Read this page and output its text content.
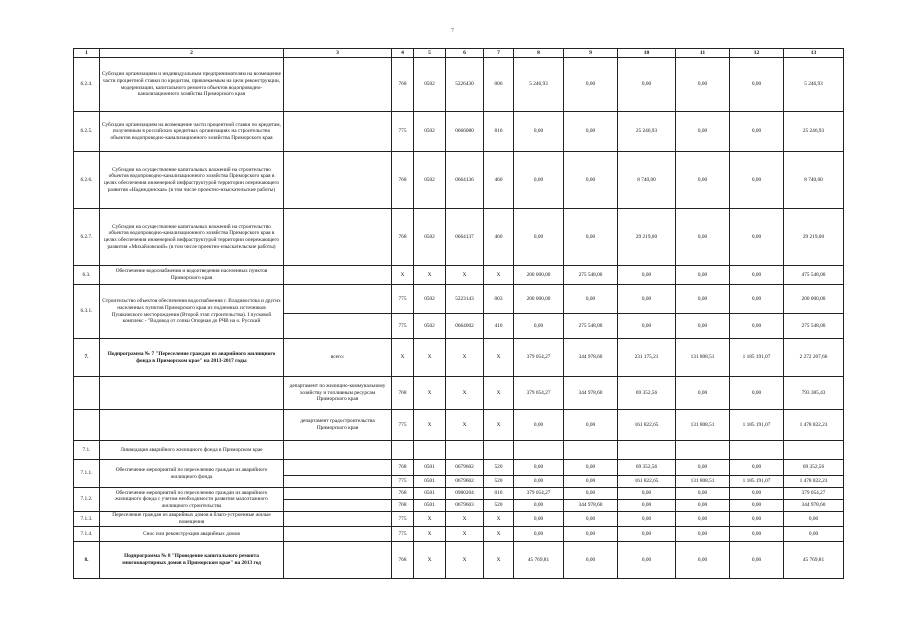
7
1	2	3	4	5	6	7	8	9	10	11	12	13
6.2.4.	Субсидии организациям и индивидуальным предпринимателям на возмещение части процентной ставки по кредитам, привлекаемым на цели реконструкции, модернизации, капитального ремонта объектов водопроводно-канализационного хозяйства Приморского края		768	0502	5226430	006	5 246,93	0,00	0,00	0,00	0,00	5 246,93
6.2.5.	Субсидии организациям на возмещение части процентной ставки по кредитам, полученным в российских кредитных организациях на строительство объектов водопроводно-канализационного хозяйства Приморского края		775	0502	0666080	810	0,00	0,00	25 246,93	0,00	0,00	25 246,93
6.2.6.	Субсидии на осуществление капитальных вложений на строительство объектов водопроводно-канализационного хозяйства Приморского края в целях обеспечения инженерной инфраструктурой территории опережающего развития «Надеждинская» (в том числе проектно-изыскательские работы)		768	0502	0664136	460	0,00	0,00	8 740,00	0,00	0,00	8 740,00
6.2.7.	Субсидии на осуществление капитальных вложений на строительство объектов водопроводно-канализационного хозяйства Приморского края в целях обеспечения инженерной инфраструктурой территории опережающего развития «Михайловский» (в том числе проектно-изыскательские работы)		768	0502	0664137	460	0,00	0,00	29 219,00	0,00	0,00	29 219,00
6.3.	Обеспечение водоснабжения и водоотведения населенных пунктов Приморского края		X	X	X	X	200 000,00	275 548,00	0,00	0,00	0,00	475 548,00
6.3.1.	Строительство объектов обеспечения водоснабжения г. Владивостока и других населенных пунктов Приморского края из подземных источников Пушкинского месторождения (Второй этап строительства). I пусковой комплекс - "Водовод от сопки Опорная до РЧВ на о. Русский		775	0502	5223143	003	200 000,00	0,00	0,00	0,00	0,00	200 000,00
			775	0502	0664002	410	0,00	275 548,00	0,00	0,00	0,00	275 548,00
7.	Подпрограмма № 7 "Переселение граждан из аварийного жилищного фонда в Приморском крае" на 2013-2017 годы	всего:	X	X	X	X	379 054,27	344 978,60	231 175,21	131 808,51	1 185 191,07	2 272 207,66
		департамент по жилищно-коммунальному хозяйству и топливным ресурсам Приморского края	768	X	X	X	379 054,27	344 978,60	69 352,56	0,00	0,00	793 385,43
		департамент градостроительства Приморского края	775	X	X	X	0,00	0,00	161 822,65	131 808,51	1 185 191,07	1 478 822,23
7.1.	Ликвидация аварийного жилищного фонда в Приморском крае											
7.1.1.	Обеспечение мероприятий по переселению граждан из аварийного жилищного фонда		768	0501	0679602	520	0,00	0,00	69 352,56	0,00	0,00	69 352,56
			775	0501	0679602	520	0,00	0,00	161 822,65	131 808,51	1 185 191,07	1 478 822,23
7.1.2.	Обеспечение мероприятий по переселению граждан из аварийного жилищного фонда с учетом необходимости развития малоэтажного жилищного строительства		768	0501	0980204	010	379 054,27	0,00	0,00	0,00	0,00	379 054,27
			768	0501	0679603	520	0,00	344 978,60	0,00	0,00	0,00	344 978,60
7.1.3.	Переселение граждан из аварийных домов в благо-устроенные жилые помещения		775	X	X	X	0,00	0,00	0,00	0,00	0,00	0,00
7.1.4.	Снос или реконструкция аварийных домов		775	X	X	X	0,00	0,00	0,00	0,00	0,00	0,00
8.	Подпрограмма № 8 "Проведение капитального ремонта многоквартирных домов в Приморском крае" на 2013 год		768	X	X	X	45 769,81	0,00	0,00	0,00	0,00	45 769,81
